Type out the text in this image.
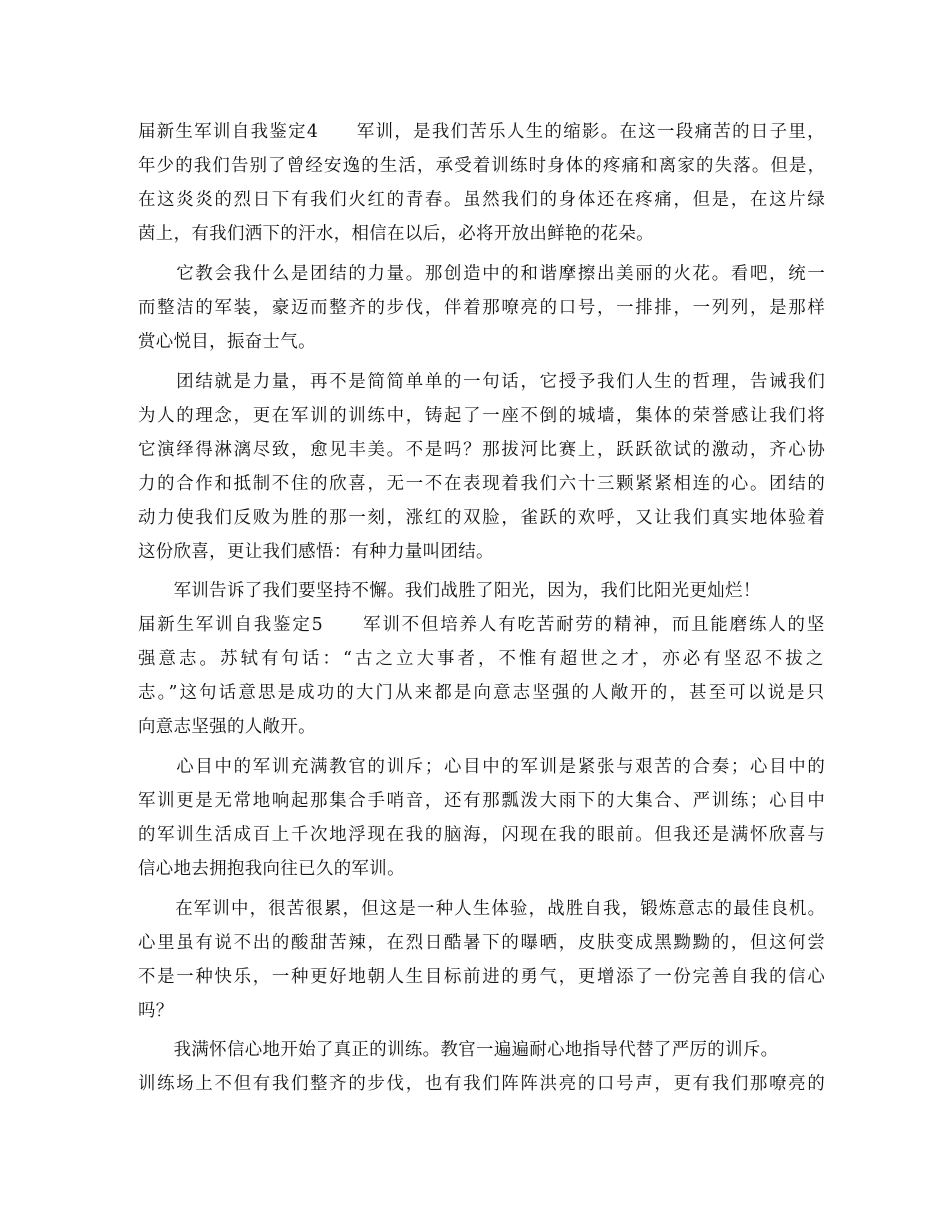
届新生军训自我鉴定4　　军训，是我们苦乐人生的缩影。在这一段痛苦的日子里，
年少的我们告别了曾经安逸的生活，承受着训练时身体的疼痛和离家的失落。但是，
在这炎炎的烈日下有我们火红的青春。虽然我们的身体还在疼痛，但是，在这片绿
茵上，有我们洒下的汗水，相信在以后，必将开放出鲜艳的花朵。
　　它教会我什么是团结的力量。那创造中的和谐摩擦出美丽的火花。看吧，统一
而整洁的军装，豪迈而整齐的步伐，伴着那嘹亮的口号，一排排，一列列，是那样
赏心悦目，振奋士气。
　　团结就是力量，再不是简简单单的一句话，它授予我们人生的哲理，告诫我们
为人的理念，更在军训的训练中，铸起了一座不倒的城墙，集体的荣誉感让我们将
它演绎得淋漓尽致，愈见丰美。不是吗？那拔河比赛上，跃跃欲试的激动，齐心协
力的合作和抵制不住的欣喜，无一不在表现着我们六十三颗紧紧相连的心。团结的
动力使我们反败为胜的那一刻，涨红的双脸，雀跃的欢呼，又让我们真实地体验着
这份欣喜，更让我们感悟：有种力量叫团结。
　　军训告诉了我们要坚持不懈。我们战胜了阳光，因为，我们比阳光更灿烂！
届新生军训自我鉴定5　　军训不但培养人有吃苦耐劳的精神，而且能磨练人的坚
强意志。苏轼有句话：“古之立大事者，不惟有超世之才，亦必有坚忍不拔之
志。”这句话意思是成功的大门从来都是向意志坚强的人敞开的，甚至可以说是只
向意志坚强的人敞开。
　　心目中的军训充满教官的训斥；心目中的军训是紧张与艰苦的合奏；心目中的
军训更是无常地响起那集合手哨音，还有那瓢泼大雨下的大集合、严训练；心目中
的军训生活成百上千次地浮现在我的脑海，闪现在我的眼前。但我还是满怀欣喜与
信心地去拥抱我向往已久的军训。
　　在军训中，很苦很累，但这是一种人生体验，战胜自我，锻炼意志的最佳良机。
心里虽有说不出的酸甜苦辣，在烈日酷暑下的曝晒，皮肤变成黑黝黝的，但这何尝
不是一种快乐，一种更好地朝人生目标前进的勇气，更增添了一份完善自我的信心
吗？
　　我满怀信心地开始了真正的训练。教官一遍遍耐心地指导代替了严厉的训斥。
训练场上不但有我们整齐的步伐，也有我们阵阵洪亮的口号声，更有我们那嘹亮的
